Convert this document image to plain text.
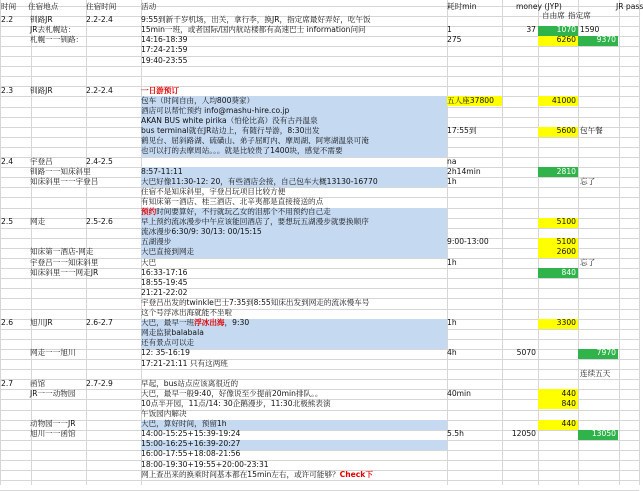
时间 住宿地点	住宿时间	活动	耗时min	money (JYP)	JR pass
自由席 指定席
2.2 钏路JR	2.2-2.4	9:55到新千岁机场，出关，拿行李，换JR，指定席最好弄好，吃午饭
JR去札幌站：	15min一班，或者国际/国内航站楼都有高速巴士 information问问	1	37	1070 1590
札幌一一钏路：	14:16-18:39	275	6260	9370
17:24-21:59
19:40-23:55
2.3 钏路JR	2.2-2.4	一日游预订
包车（时间自由，人均800葵家）	五人座37800	41000
酒店可以帮忙预约 info@mashu-hire.co.jp
AKAN BUS white pirika（怕伦比高）没有古丹温泉
bus terminal就在JR站边上，有随行导游，8:30出发	17:55到	5600 包午餐
鹤见台、屈斜路湖、硫磺山、弟子屈町内、摩周湖、阿寒湖温泉可淹
也可以打的去摩周站。。。就是比较贵了1400块，感觉不需要
2.4 宇登吕	2.4-2.5	na
钏路一一知床斜里	8:57-11:11	2h14min	2810
知床斜里一一宇登吕	大巴好像11:30-12: 20，有些酒店会接，自己包车大概13130-16770	1h	忘了
住宿不是知床斜里，宇登吕玩项目比较方便
有知床第一酒店、桂三酒店、北辛夷都是直接接送的点
预约时间要算好，不行就玩乙女的泪那个不用预约自己走
2.5 网走	2.5-2.6	早上预约流冰漫步中午应该能回酒店了，要想玩五湖漫步就要换顺序	5100
流冰漫步6:30/9: 30/13: 00/15:15
五湖漫步	9:00-13:00	5100
知床第一酒店-网走	大巴直接到网走	2600
宇登吕一一知床斜里	大巴	1h	忘了
知床斜里一一网走JR	16:33-17:16	840
18:55-19:45
21:21-22:02
宇登吕出发的twinkle巴士7:35到8:55知床出发到网走的流冰慢车号
这个号浮冰出海就能不坐啦
2.6 旭川JR	2.6-2.7	大巴，最早一班浮冰出海，9:30	1h	3300
网走监狱balabala
还有景点可以走
网走一一旭川	12: 35-16:19	4h	5070	7970
17:21-21:11 只有这两班
连续五天
2.7 函馆	2.7-2.9	早起，bus站点应该离很近的
JR一一动物园	大巴，最早一般9:40，好像说至少提前20min排队。。	40min	440
10点半开园，11点/14: 30企鹅漫步，11:30北极熊表演	840
午饭园内解决
动物园一一JR	大巴，算好时间，预留1h	440
旭川一一函馆	14:00-15:25+15:39-19:24	5.5h	12050	13050
15:00-16:25+16:39-20:27
16:00-17:55+18:08-21:56
18:00-19:30+19:55+20:00-23:31
网上查出来的换乘时间基本都在15min左右，或许可能够？Check下
